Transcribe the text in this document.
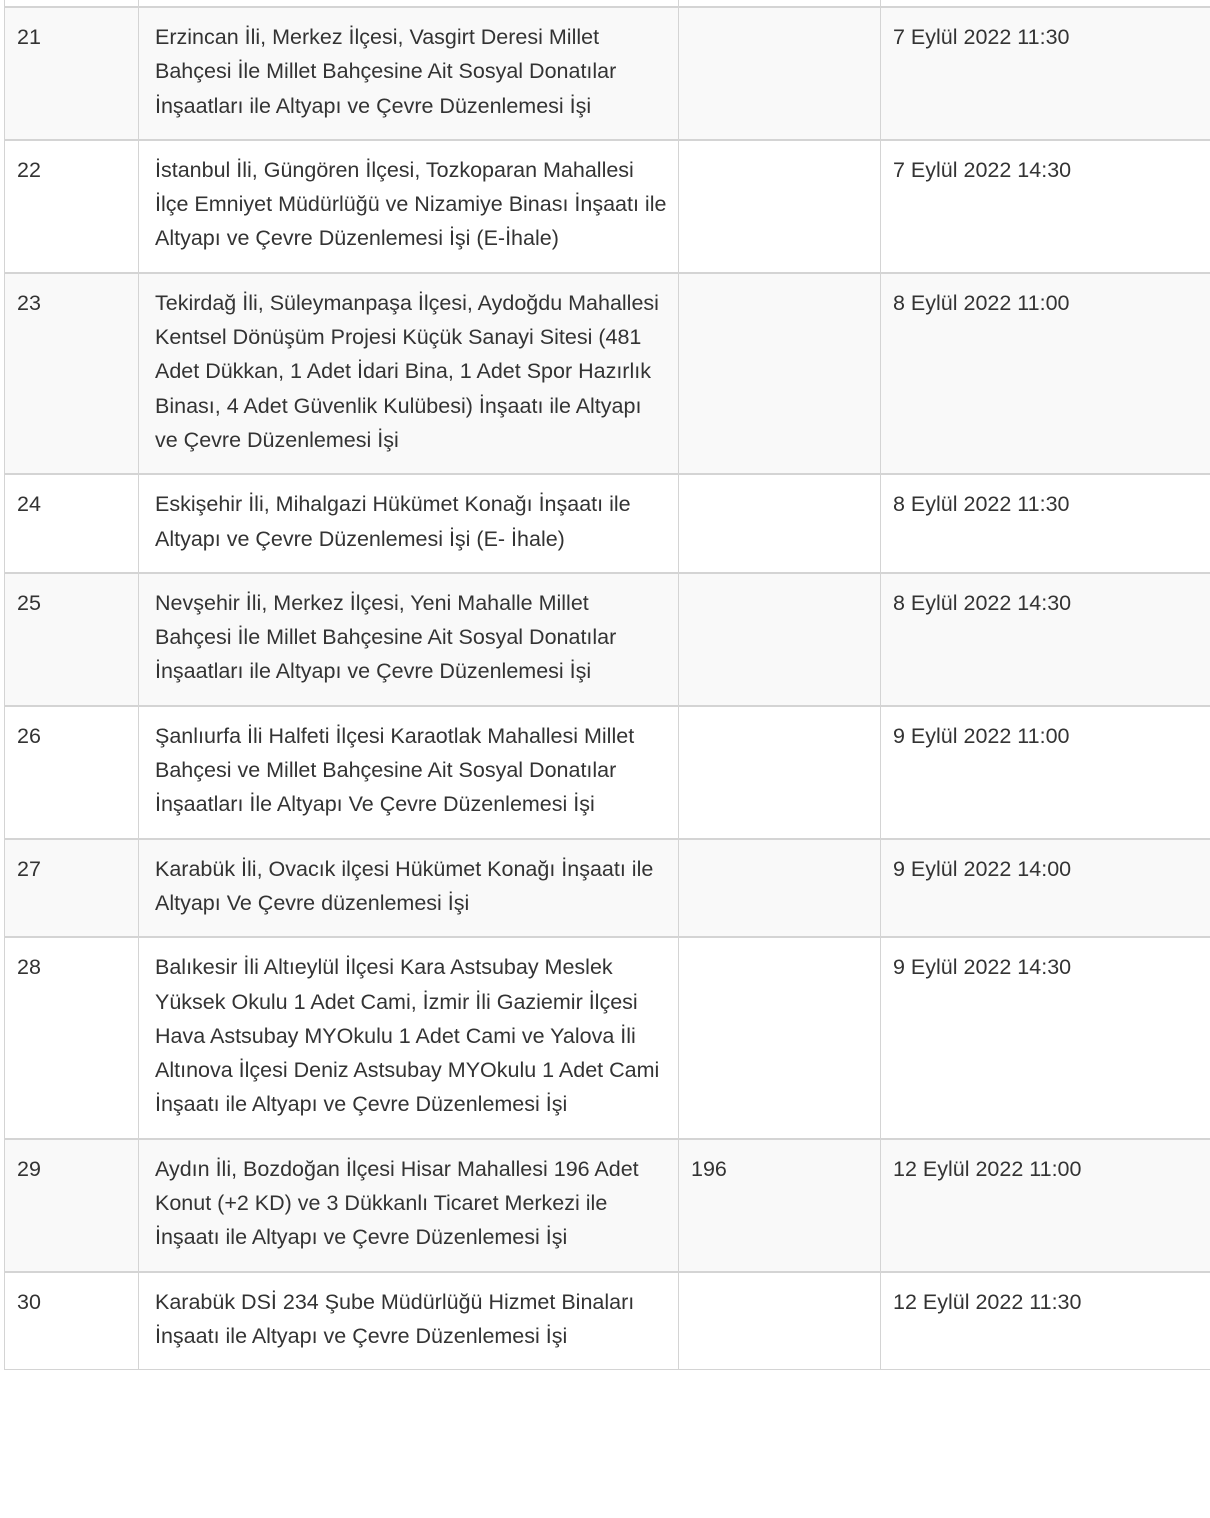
21	Erzincan İli, Merkez İlçesi, Vasgirt Deresi Millet Bahçesi İle Millet Bahçesine Ait Sosyal Donatılar İnşaatları ile Altyapı ve Çevre Düzenlemesi İşi		7 Eylül 2022 11:30
22	İstanbul İli, Güngören İlçesi, Tozkoparan Mahallesi İlçe Emniyet Müdürlüğü ve Nizamiye Binası İnşaatı ile Altyapı ve Çevre Düzenlemesi İşi (E-İhale)		7 Eylül 2022 14:30
23	Tekirdağ İli, Süleymanpaşa İlçesi, Aydoğdu Mahallesi Kentsel Dönüşüm Projesi Küçük Sanayi Sitesi (481 Adet Dükkan, 1 Adet İdari Bina, 1 Adet Spor Hazırlık Binası, 4 Adet Güvenlik Kulübesi) İnşaatı ile Altyapı ve Çevre Düzenlemesi İşi		8 Eylül 2022 11:00
24	Eskişehir İli, Mihalgazi Hükümet Konağı İnşaatı ile Altyapı ve Çevre Düzenlemesi İşi (E- İhale)		8 Eylül 2022 11:30
25	Nevşehir İli, Merkez İlçesi, Yeni Mahalle Millet Bahçesi İle Millet Bahçesine Ait Sosyal Donatılar İnşaatları ile Altyapı ve Çevre Düzenlemesi İşi		8 Eylül 2022 14:30
26	Şanlıurfa İli Halfeti İlçesi Karaotlak Mahallesi Millet Bahçesi ve Millet Bahçesine Ait Sosyal Donatılar İnşaatları İle Altyapı Ve Çevre Düzenlemesi İşi		9 Eylül 2022 11:00
27	Karabük İli, Ovacık ilçesi Hükümet Konağı İnşaatı ile Altyapı Ve Çevre düzenlemesi İşi		9 Eylül 2022 14:00
28	Balıkesir İli Altıeylül İlçesi Kara Astsubay Meslek Yüksek Okulu 1 Adet Cami, İzmir İli Gaziemir İlçesi Hava Astsubay MYOkulu 1 Adet Cami ve Yalova İli Altınova İlçesi Deniz Astsubay MYOkulu 1 Adet Cami İnşaatı ile Altyapı ve Çevre Düzenlemesi İşi		9 Eylül 2022 14:30
29	Aydın İli, Bozdoğan İlçesi Hisar Mahallesi 196 Adet Konut (+2 KD) ve 3 Dükkanlı Ticaret Merkezi ile İnşaatı ile Altyapı ve Çevre Düzenlemesi İşi	196	12 Eylül 2022 11:00
30	Karabük DSİ 234 Şube Müdürlüğü Hizmet Binaları İnşaatı ile Altyapı ve Çevre Düzenlemesi İşi		12 Eylül 2022 11:30
